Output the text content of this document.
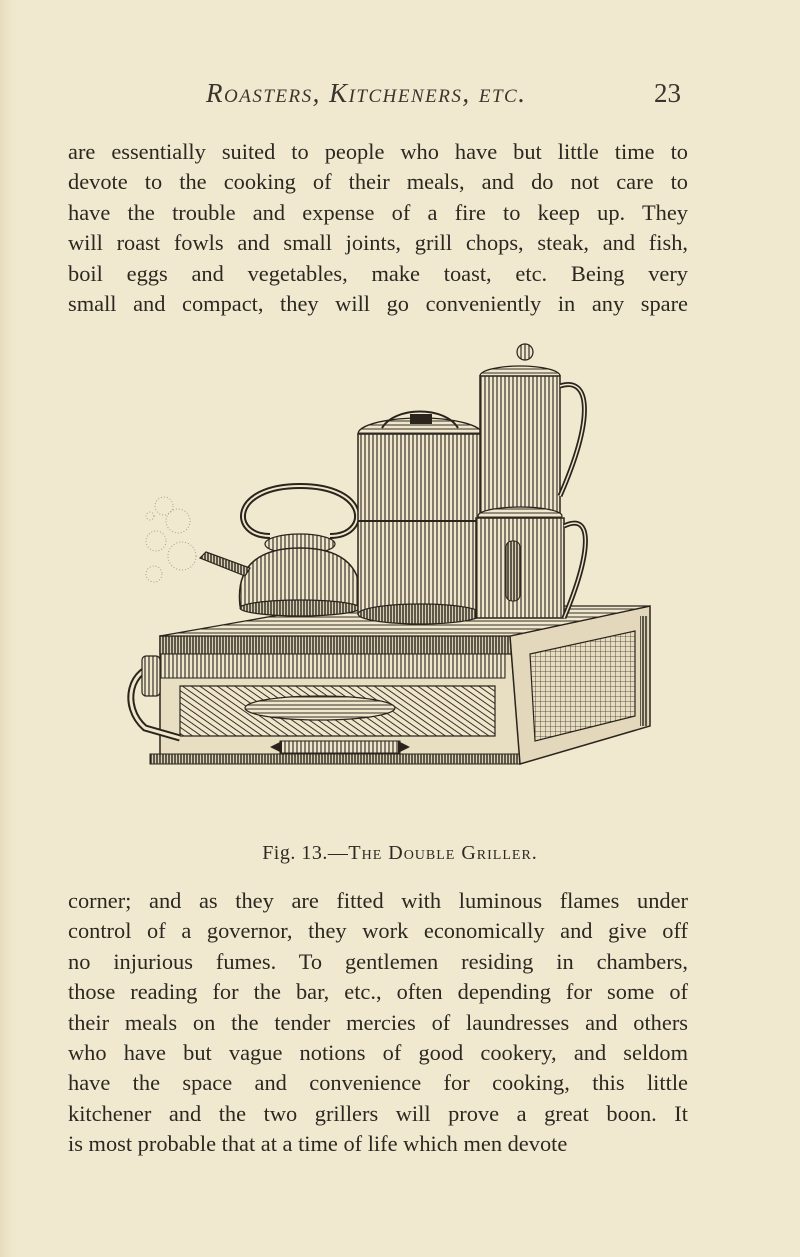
Roasters, Kitcheners, etc.	23
are essentially suited to people who have but little time to
devote to the cooking of their meals, and do not care to
have the trouble and expense of a fire to keep up. They
will roast fowls and small joints, grill chops, steak, and fish,
boil eggs and vegetables, make toast, etc. Being very
small and compact, they will go conveniently in any spare
Fig. 13.—The Double Griller.
corner; and as they are fitted with luminous flames under
control of a governor, they work economically and give off
no injurious fumes. To gentlemen residing in chambers,
those reading for the bar, etc., often depending for some of
their meals on the tender mercies of laundresses and others
who have but vague notions of good cookery, and seldom
have the space and convenience for cooking, this little
kitchener and the two grillers will prove a great boon. It
is most probable that at a time of life which men devote
